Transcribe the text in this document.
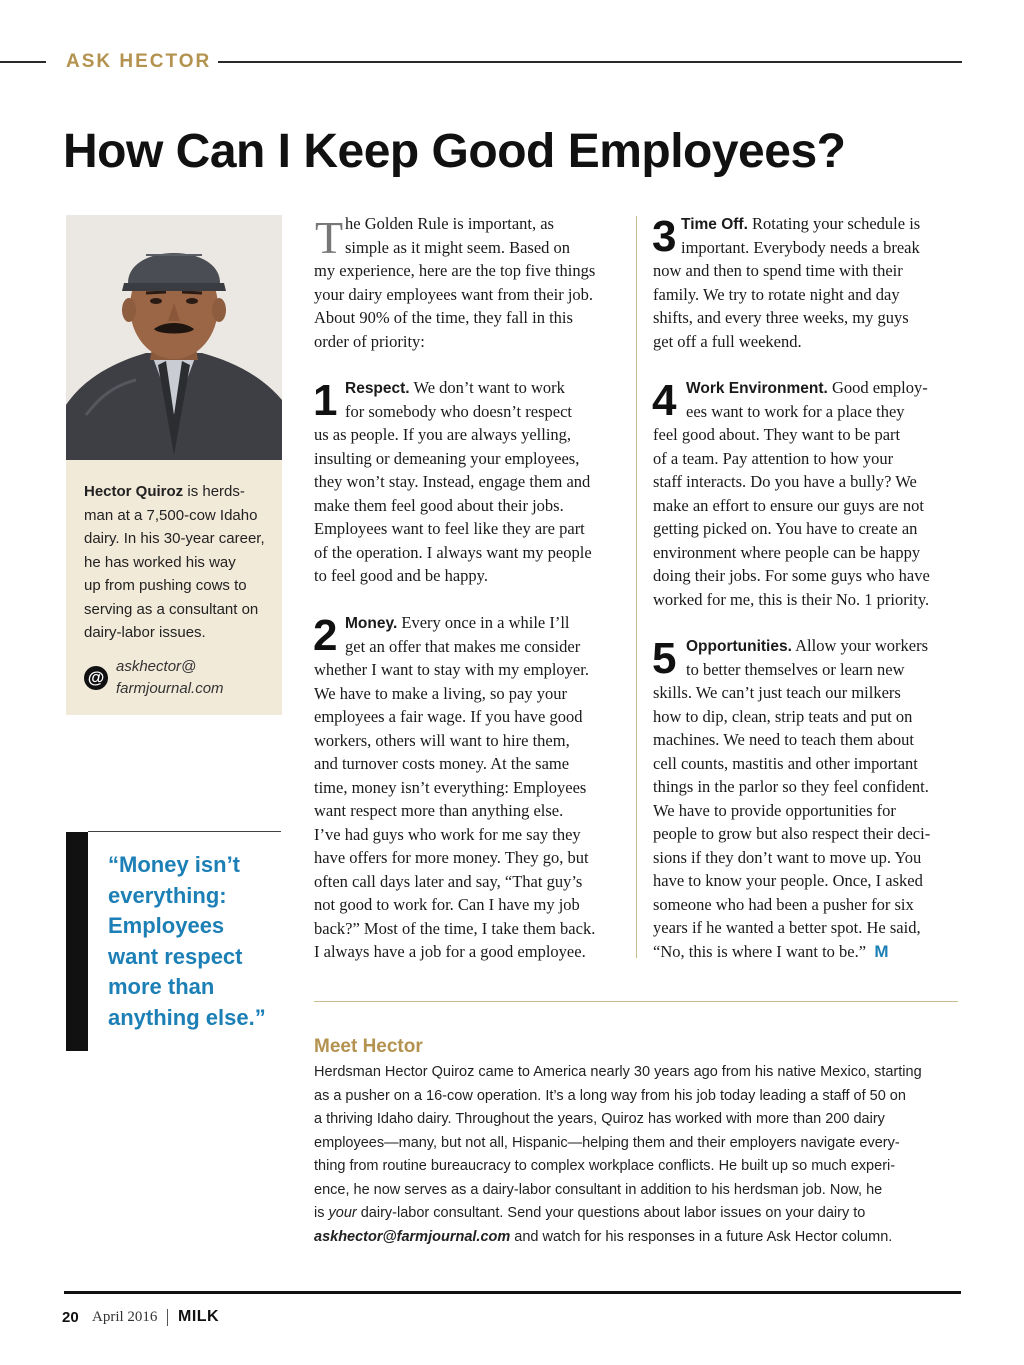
ASK HECTOR
How Can I Keep Good Employees?
Hector Quiroz is herds-
man at a 7,500-cow Idaho
dairy. In his 30-year career,
he has worked his way
up from pushing cows to
serving as a consultant on
dairy-labor issues.
@
askhector@
farmjournal.com
“Money isn’t
everything:
Employees
want respect
more than
anything else.”
T he Golden Rule is important, as
simple as it might seem. Based on
my experience, here are the top five things
your dairy employees want from their job.
About 90% of the time, they fall in this
order of priority:
1 Respect. We don’t want to work
for somebody who doesn’t respect
us as people. If you are always yelling,
insulting or demeaning your employees,
they won’t stay. Instead, engage them and
make them feel good about their jobs.
Employees want to feel like they are part
of the operation. I always want my people
to feel good and be happy.
2 Money. Every once in a while I’ll
get an offer that makes me consider
whether I want to stay with my employer.
We have to make a living, so pay your
employees a fair wage. If you have good
workers, others will want to hire them,
and turnover costs money. At the same
time, money isn’t everything: Employees
want respect more than anything else.
I’ve had guys who work for me say they
have offers for more money. They go, but
often call days later and say, “That guy’s
not good to work for. Can I have my job
back?” Most of the time, I take them back.
I always have a job for a good employee.
3 Time Off. Rotating your schedule is
important. Everybody needs a break
now and then to spend time with their
family. We try to rotate night and day
shifts, and every three weeks, my guys
get off a full weekend.
4 Work Environment. Good employ-
ees want to work for a place they
feel good about. They want to be part
of a team. Pay attention to how your
staff interacts. Do you have a bully? We
make an effort to ensure our guys are not
getting picked on. You have to create an
environment where people can be happy
doing their jobs. For some guys who have
worked for me, this is their No. 1 priority.
5 Opportunities. Allow your workers
to better themselves or learn new
skills. We can’t just teach our milkers
how to dip, clean, strip teats and put on
machines. We need to teach them about
cell counts, mastitis and other important
things in the parlor so they feel confident.
We have to provide opportunities for
people to grow but also respect their deci-
sions if they don’t want to move up. You
have to know your people. Once, I asked
someone who had been a pusher for six
years if he wanted a better spot. He said,
“No, this is where I want to be.” M
Meet Hector
Herdsman Hector Quiroz came to America nearly 30 years ago from his native Mexico, starting
as a pusher on a 16-cow operation. It’s a long way from his job today leading a staff of 50 on
a thriving Idaho dairy. Throughout the years, Quiroz has worked with more than 200 dairy
employees—many, but not all, Hispanic—helping them and their employers navigate every-
thing from routine bureaucracy to complex workplace conflicts. He built up so much experi-
ence, he now serves as a dairy-labor consultant in addition to his herdsman job. Now, he
is your dairy-labor consultant. Send your questions about labor issues on your dairy to
askhector@farmjournal.com and watch for his responses in a future Ask Hector column.
20 April 2016 MILK
